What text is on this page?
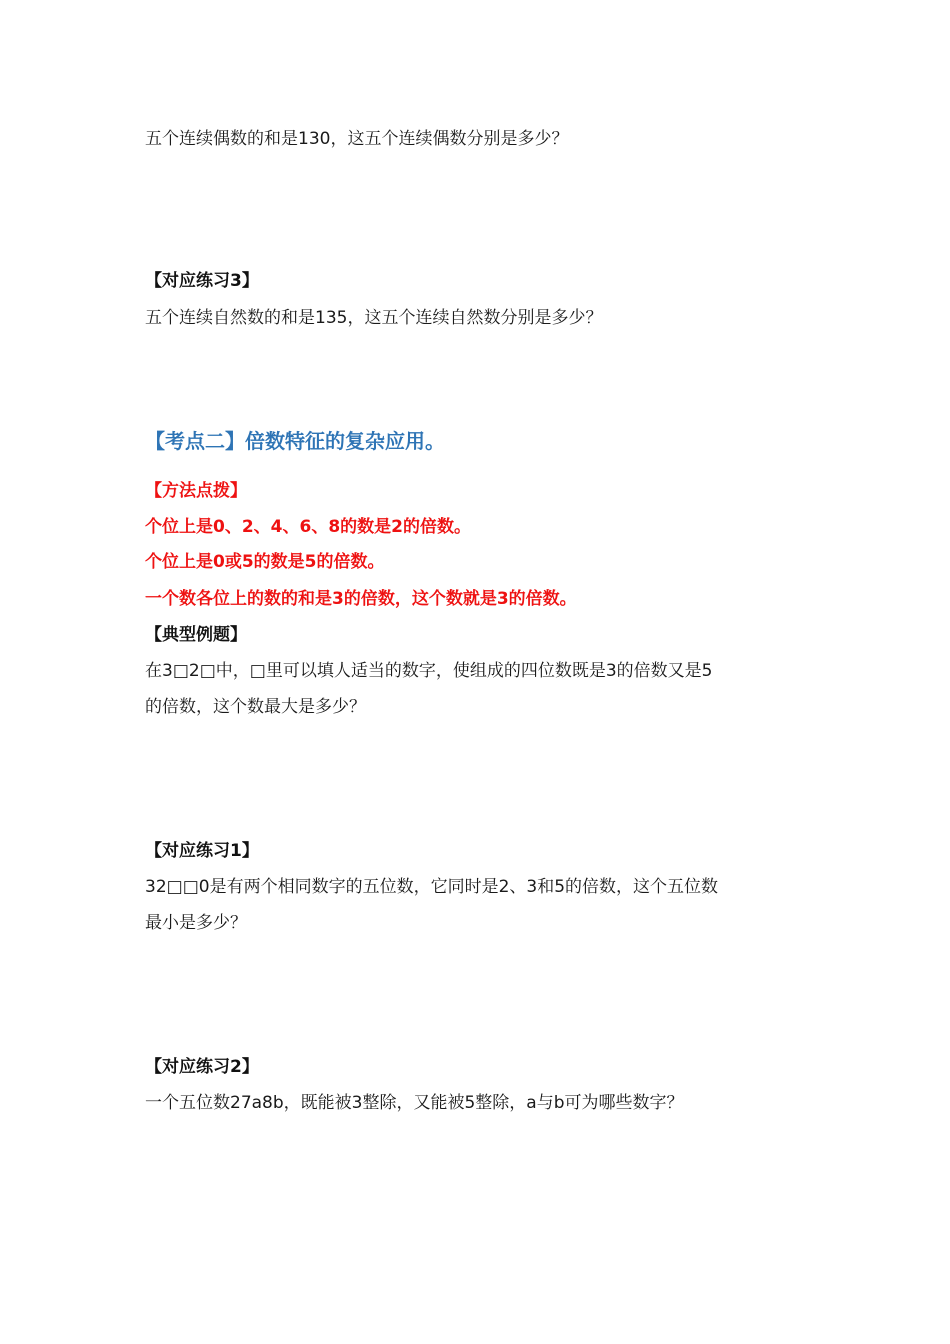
五个连续偶数的和是130，这五个连续偶数分别是多少？
【对应练习3】
五个连续自然数的和是135，这五个连续自然数分别是多少？
【考点二】倍数特征的复杂应用。
【方法点拨】
个位上是0、2、4、6、8的数是2的倍数。
个位上是0或5的数是5的倍数。
一个数各位上的数的和是3的倍数，这个数就是3的倍数。
【典型例题】
在3□2□中，□里可以填人适当的数字，使组成的四位数既是3的倍数又是5
的倍数，这个数最大是多少？
【对应练习1】
32□□0是有两个相同数字的五位数，它同时是2、3和5的倍数，这个五位数
最小是多少？
【对应练习2】
一个五位数27a8b，既能被3整除，又能被5整除，a与b可为哪些数字？
